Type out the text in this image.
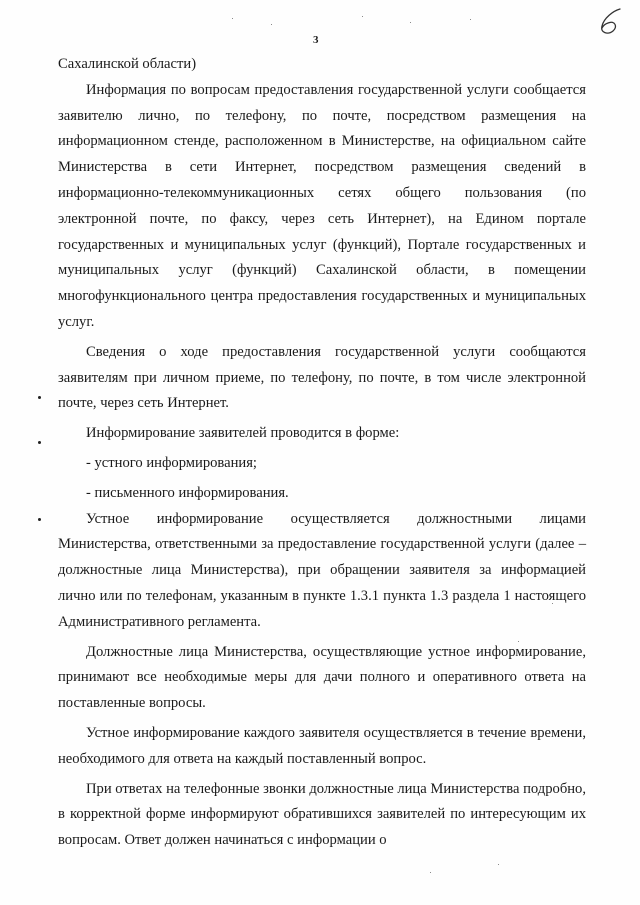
3

Сахалинской области)

Информация по вопросам предоставления государственной услуги сообщается заявителю лично, по телефону, по почте, посредством размещения на информационном стенде, расположенном в Министерстве, на официальном сайте Министерства в сети Интернет, посредством размещения сведений в информационно-телекоммуникационных сетях общего пользования (по электронной почте, по факсу, через сеть Интернет), на Едином портале государственных и муниципальных услуг (функций), Портале государственных и муниципальных услуг (функций) Сахалинской области, в помещении многофункционального центра предоставления государственных и муниципальных услуг.

Сведения о ходе предоставления государственной услуги сообщаются заявителям при личном приеме, по телефону, по почте, в том числе электронной почте, через сеть Интернет.

Информирование заявителей проводится в форме:

- устного информирования;

- письменного информирования.

Устное информирование осуществляется должностными лицами Министерства, ответственными за предоставление государственной услуги (далее – должностные лица Министерства), при обращении заявителя за информацией лично или по телефонам, указанным в пункте 1.3.1 пункта 1.3 раздела 1 настоящего Административного регламента.

Должностные лица Министерства, осуществляющие устное информирование, принимают все необходимые меры для дачи полного и оперативного ответа на поставленные вопросы.

Устное информирование каждого заявителя осуществляется в течение времени, необходимого для ответа на каждый поставленный вопрос.

При ответах на телефонные звонки должностные лица Министерства подробно, в корректной форме информируют обратившихся заявителей по интересующим их вопросам. Ответ должен начинаться с информации о
